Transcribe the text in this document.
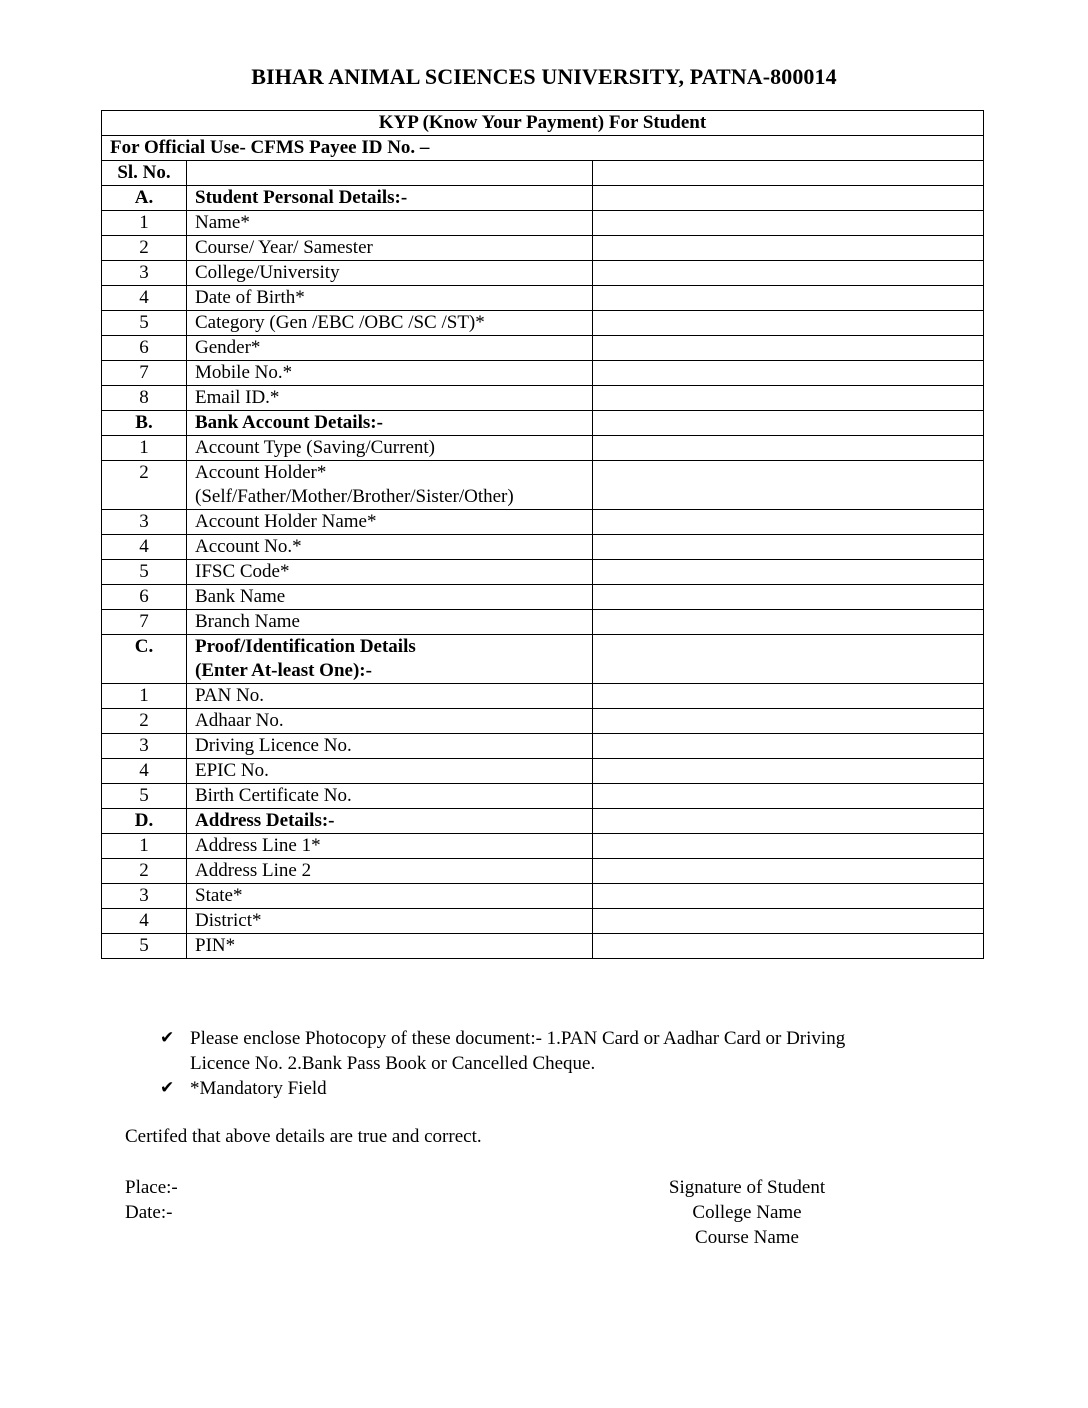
BIHAR ANIMAL SCIENCES UNIVERSITY, PATNA-800014
KYP (Know Your Payment) For Student		
For Official Use- CFMS Payee ID No. –		
Sl. No.		
A.	Student Personal Details:-	

1	Name*	

2	Course/ Year/ Samester	

3	College/University	

4	Date of Birth*	

5	Category (Gen /EBC /OBC /SC /ST)*	

6	Gender*	

7	Mobile No.*	

8	Email ID.*	

B.	Bank Account Details:-	

1	Account Type (Saving/Current)	

2	Account Holder*
(Self/Father/Mother/Brother/Sister/Other)	

3	Account Holder Name*	

4	Account No.*	

5	IFSC Code*	

6	Bank Name	

7	Branch Name	

C.	Proof/Identification Details
(Enter At-least One):-	

1	PAN No.	

2	Adhaar No.	

3	Driving Licence No.	

4	EPIC No.	

5	Birth Certificate No.	

D.	Address Details:-	

1	Address Line 1*	

2	Address Line 2	

3	State*	

4	District*	

5	PIN*	

✔ Please enclose Photocopy of these document:- 1.PAN Card or Aadhar Card or Driving
Licence No. 2.Bank Pass Book or Cancelled Cheque.
✔ *Mandatory Field
Certifed that above details are true and correct.
Place:-
Date:-
Signature of Student
College Name
Course Name
